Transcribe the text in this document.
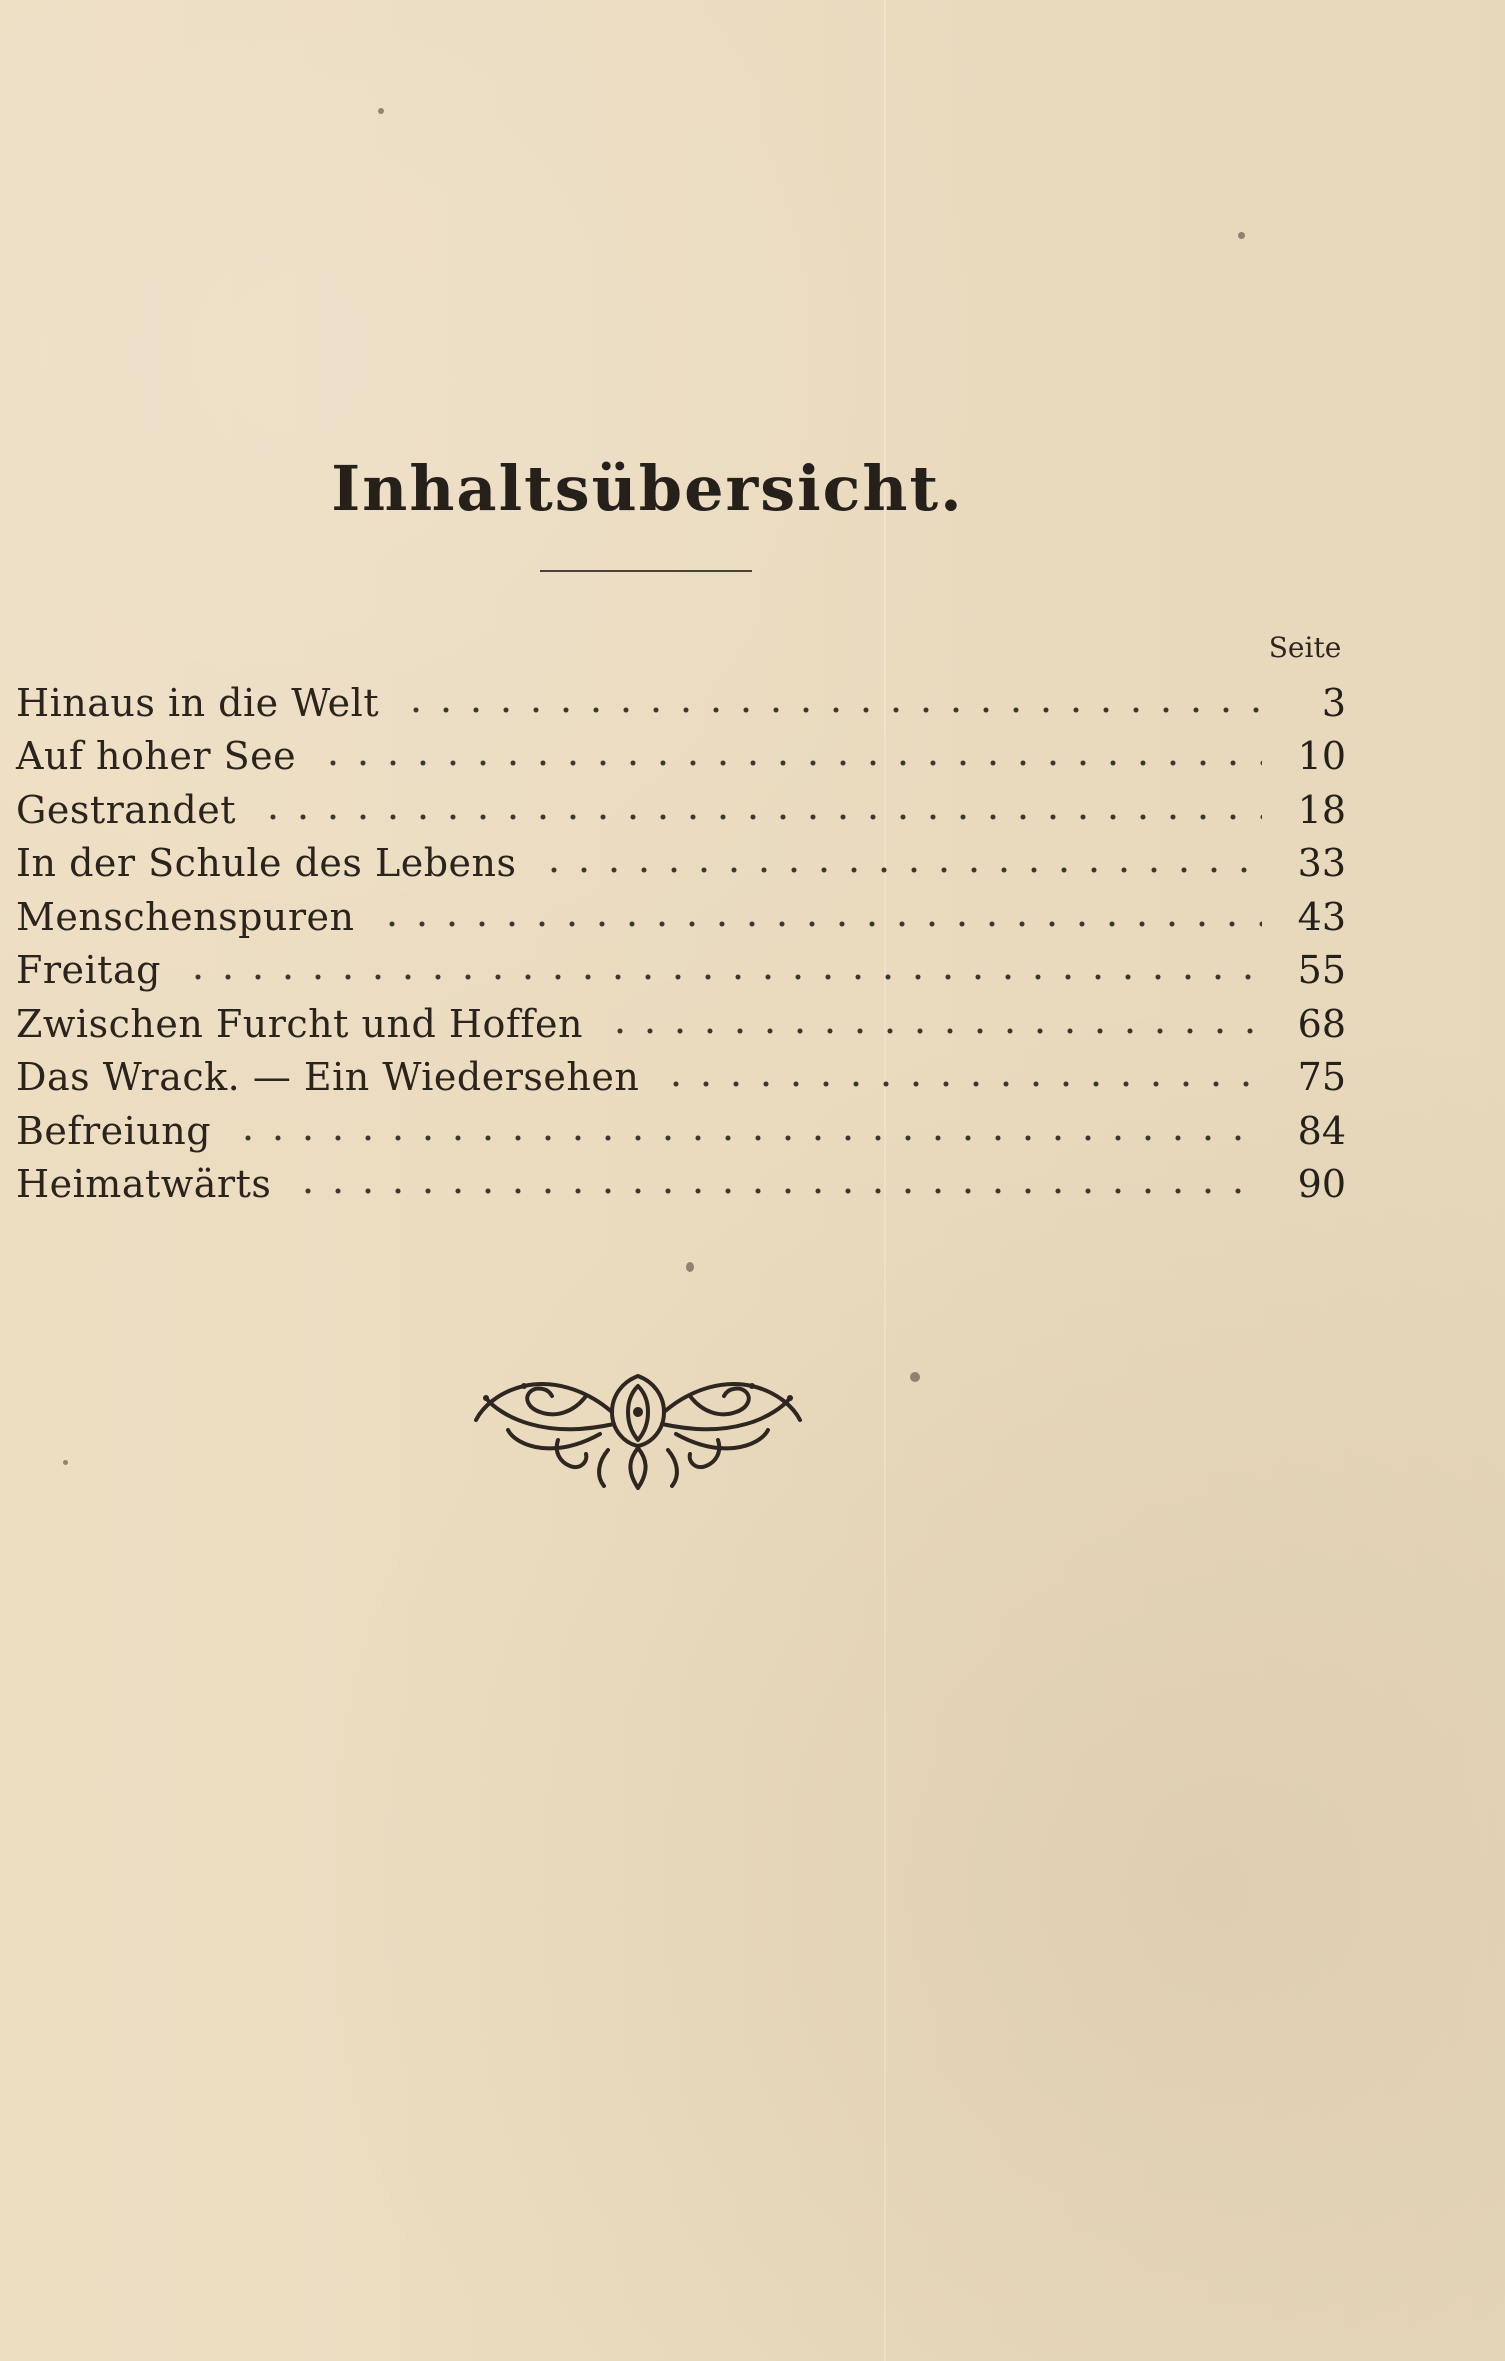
Inhaltsübersicht.
Seite
Hinaus in die Welt	3
Auf hoher See	10
Gestrandet	18
In der Schule des Lebens	33
Menschenspuren	43
Freitag	55
Zwischen Furcht und Hoffen	68
Das Wrack. — Ein Wiedersehen	75
Befreiung	84
Heimatwärts	90
